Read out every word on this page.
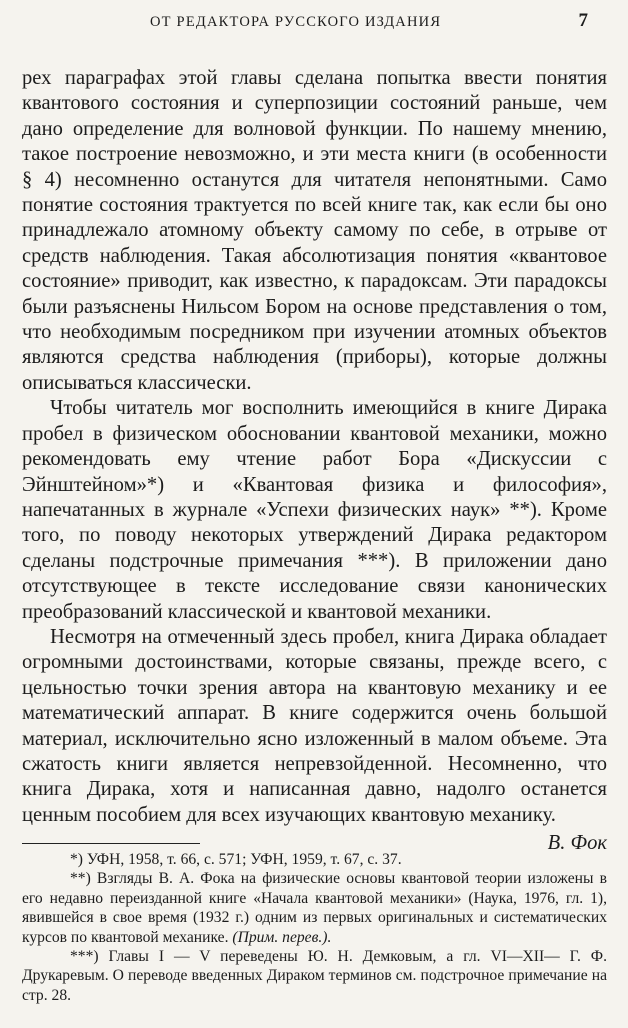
ОТ РЕДАКТОРА РУССКОГО ИЗДАНИЯ	7

рех параграфах этой главы сделана попытка ввести понятия квантового состояния и суперпозиции состояний раньше, чем дано определение для волновой функции. По нашему мнению, такое построение невозможно, и эти места книги (в особенности § 4) несомненно останутся для читателя непонятными. Само понятие состояния трактуется по всей книге так, как если бы оно принадлежало атомному объекту самому по себе, в отрыве от средств наблюдения. Такая абсолютизация понятия «квантовое состояние» приводит, как известно, к парадоксам. Эти парадоксы были разъяснены Нильсом Бором на основе представления о том, что необходимым посредником при изучении атомных объектов являются средства наблюдения (приборы), которые должны описываться классически.

Чтобы читатель мог восполнить имеющийся в книге Дирака пробел в физическом обосновании квантовой механики, можно рекомендовать ему чтение работ Бора «Дискуссии с Эйнштейном»*) и «Квантовая физика и философия», напечатанных в журнале «Успехи физических наук» **). Кроме того, по поводу некоторых утверждений Дирака редактором сделаны подстрочные примечания ***). В приложении дано отсутствующее в тексте исследование связи канонических преобразований классической и квантовой механики.

Несмотря на отмеченный здесь пробел, книга Дирака обладает огромными достоинствами, которые связаны, прежде всего, с цельностью точки зрения автора на квантовую механику и ее математический аппарат. В книге содержится очень большой материал, исключительно ясно изложенный в малом объеме. Эта сжатость книги является непревзойденной. Несомненно, что книга Дирака, хотя и написанная давно, надолго останется ценным пособием для всех изучающих квантовую механику.

В. Фок

*) УФН, 1958, т. 66, с. 571; УФН, 1959, т. 67, с. 37.

**) Взгляды В. А. Фока на физические основы квантовой теории изложены в его недавно переизданной книге «Начала квантовой механики» (Наука, 1976, гл. 1), явившейся в свое время (1932 г.) одним из первых оригинальных и систематических курсов по квантовой механике. (Прим. перев.).

***) Главы I — V переведены Ю. Н. Демковым, а гл. VI—XII— Г. Ф. Друкаревым. О переводе введенных Дираком терминов см. подстрочное примечание на стр. 28.
